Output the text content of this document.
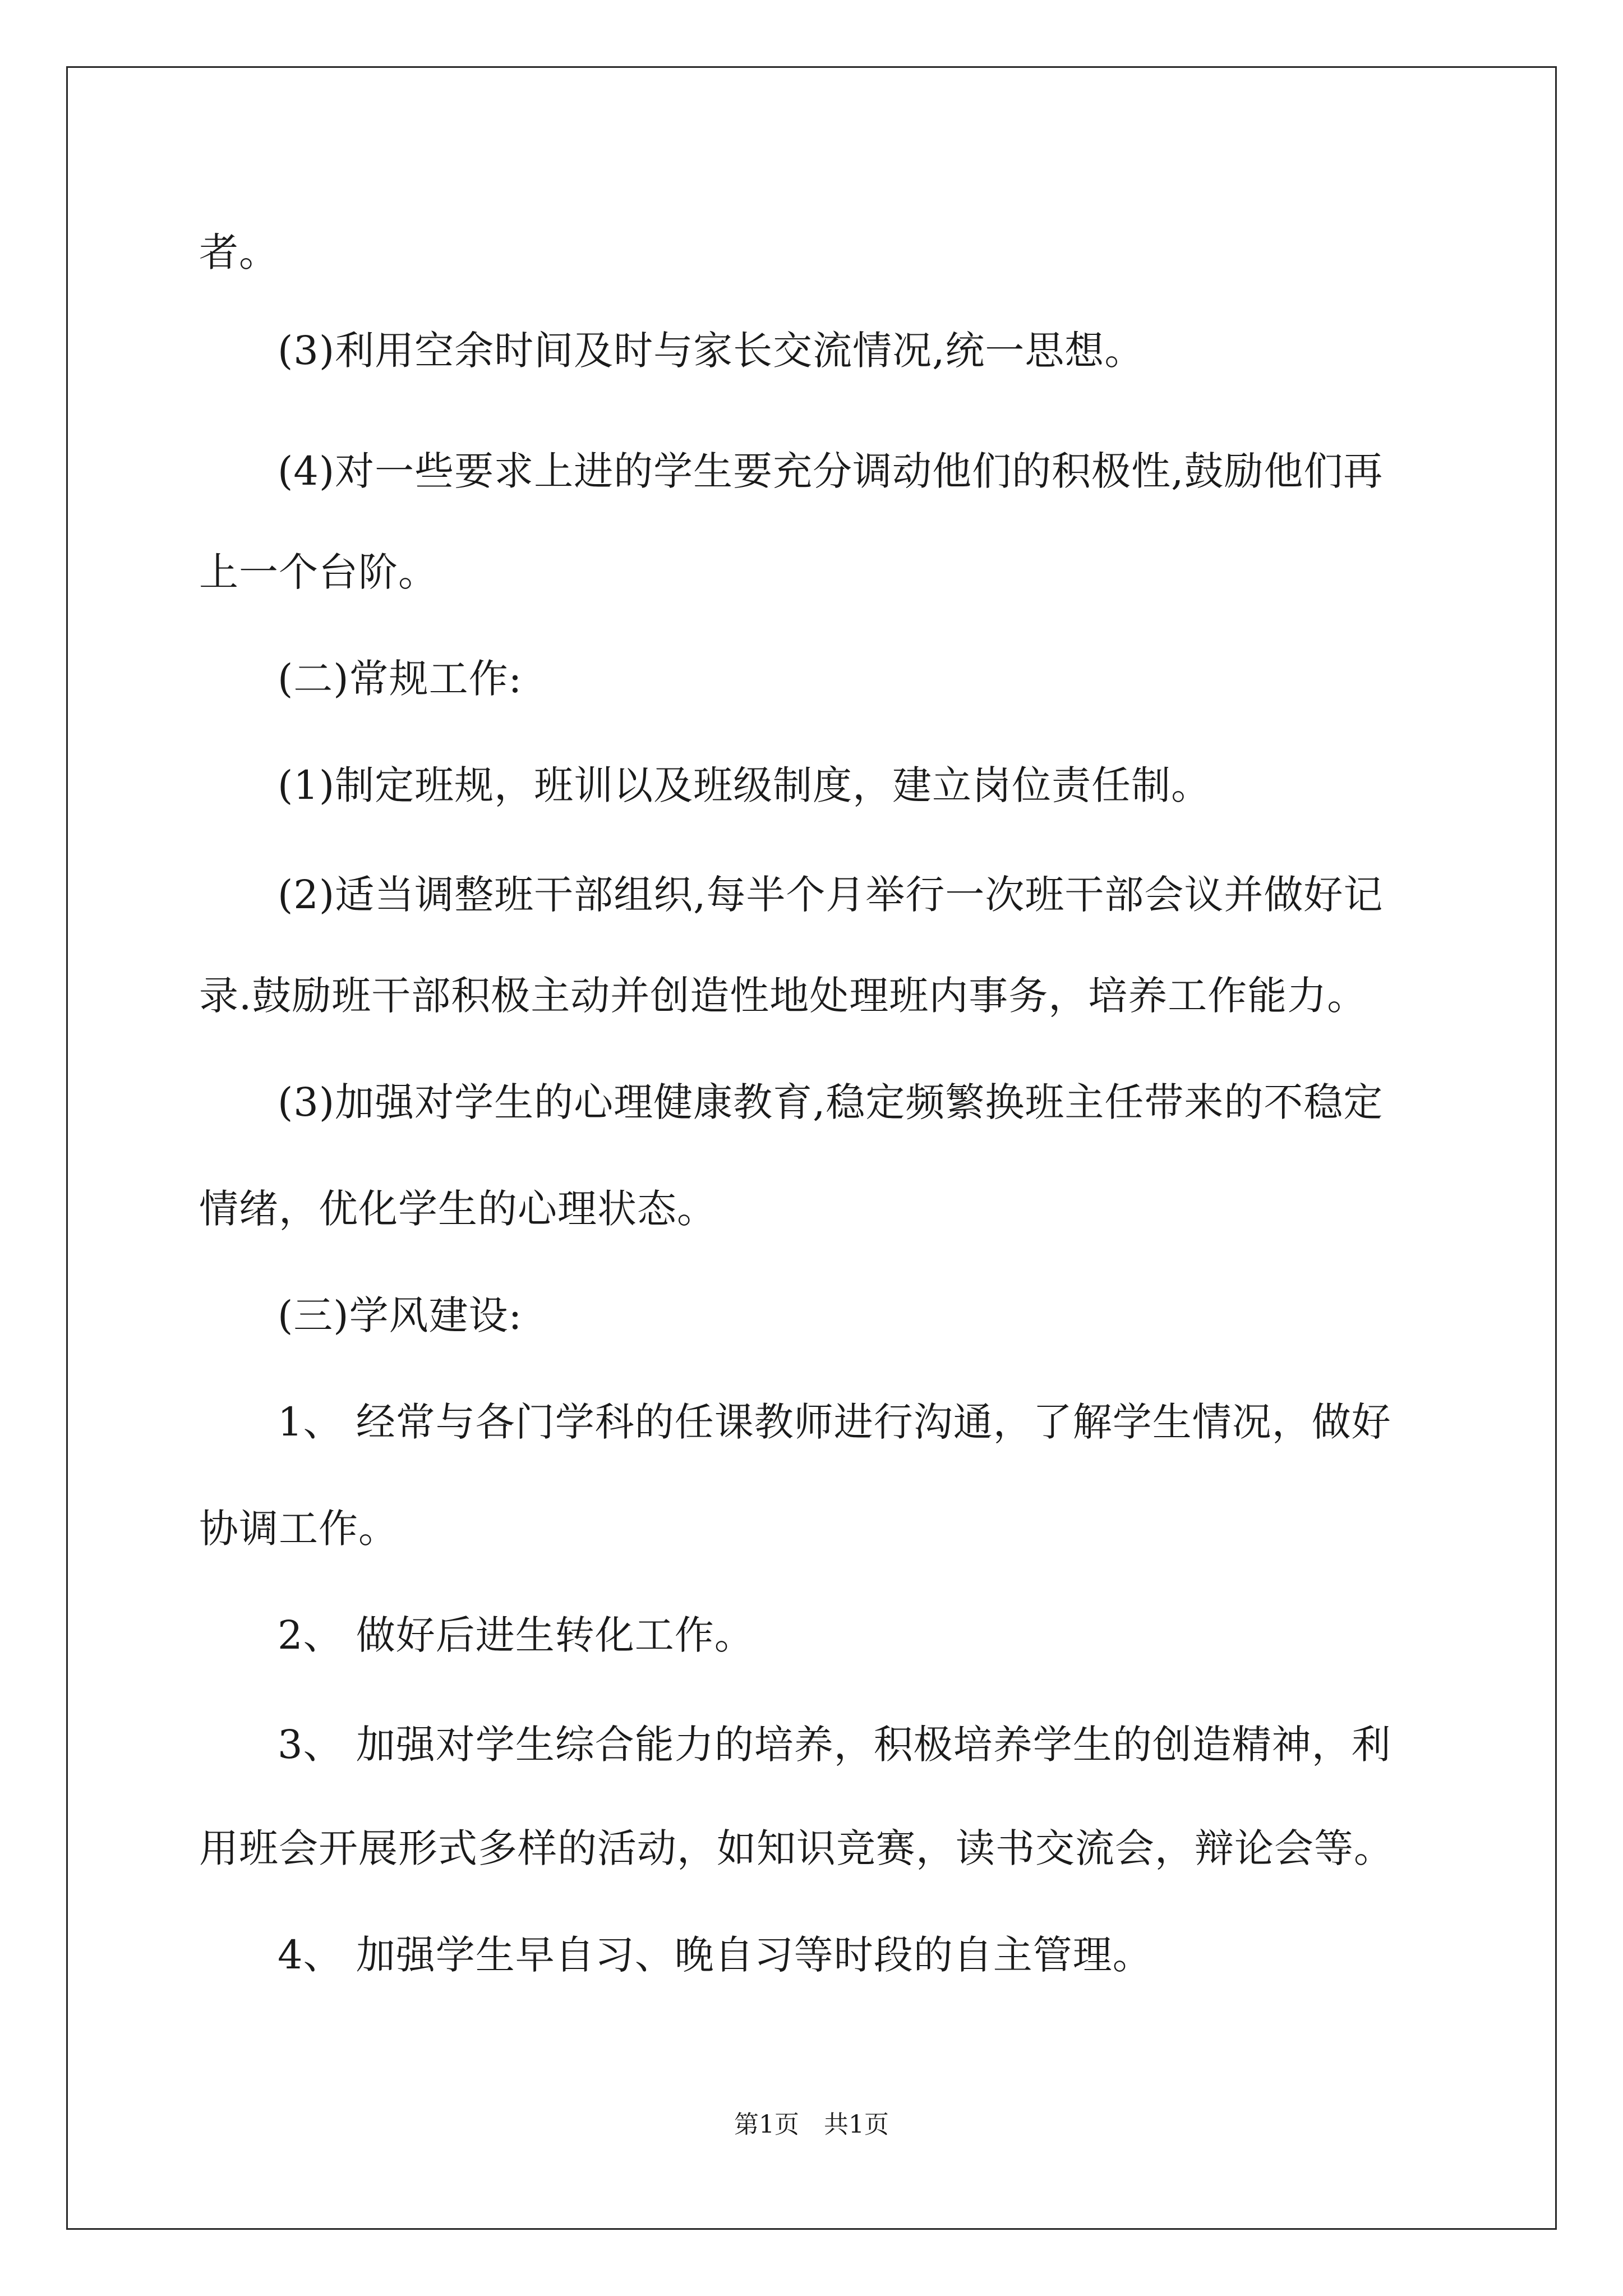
者。
(3)利用空余时间及时与家长交流情况,统一思想。
(4)对一些要求上进的学生要充分调动他们的积极性,鼓励他们再
上一个台阶。
(二)常规工作:
(1)制定班规，班训以及班级制度，建立岗位责任制。
(2)适当调整班干部组织,每半个月举行一次班干部会议并做好记
录.鼓励班干部积极主动并创造性地处理班内事务，培养工作能力。
(3)加强对学生的心理健康教育,稳定频繁换班主任带来的不稳定
情绪，优化学生的心理状态。
(三)学风建设:
1、 经常与各门学科的任课教师进行沟通，了解学生情况，做好
协调工作。
2、 做好后进生转化工作。
3、 加强对学生综合能力的培养，积极培养学生的创造精神，利
用班会开展形式多样的活动，如知识竞赛，读书交流会，辩论会等。
4、 加强学生早自习、晚自习等时段的自主管理。
第1页　共1页
